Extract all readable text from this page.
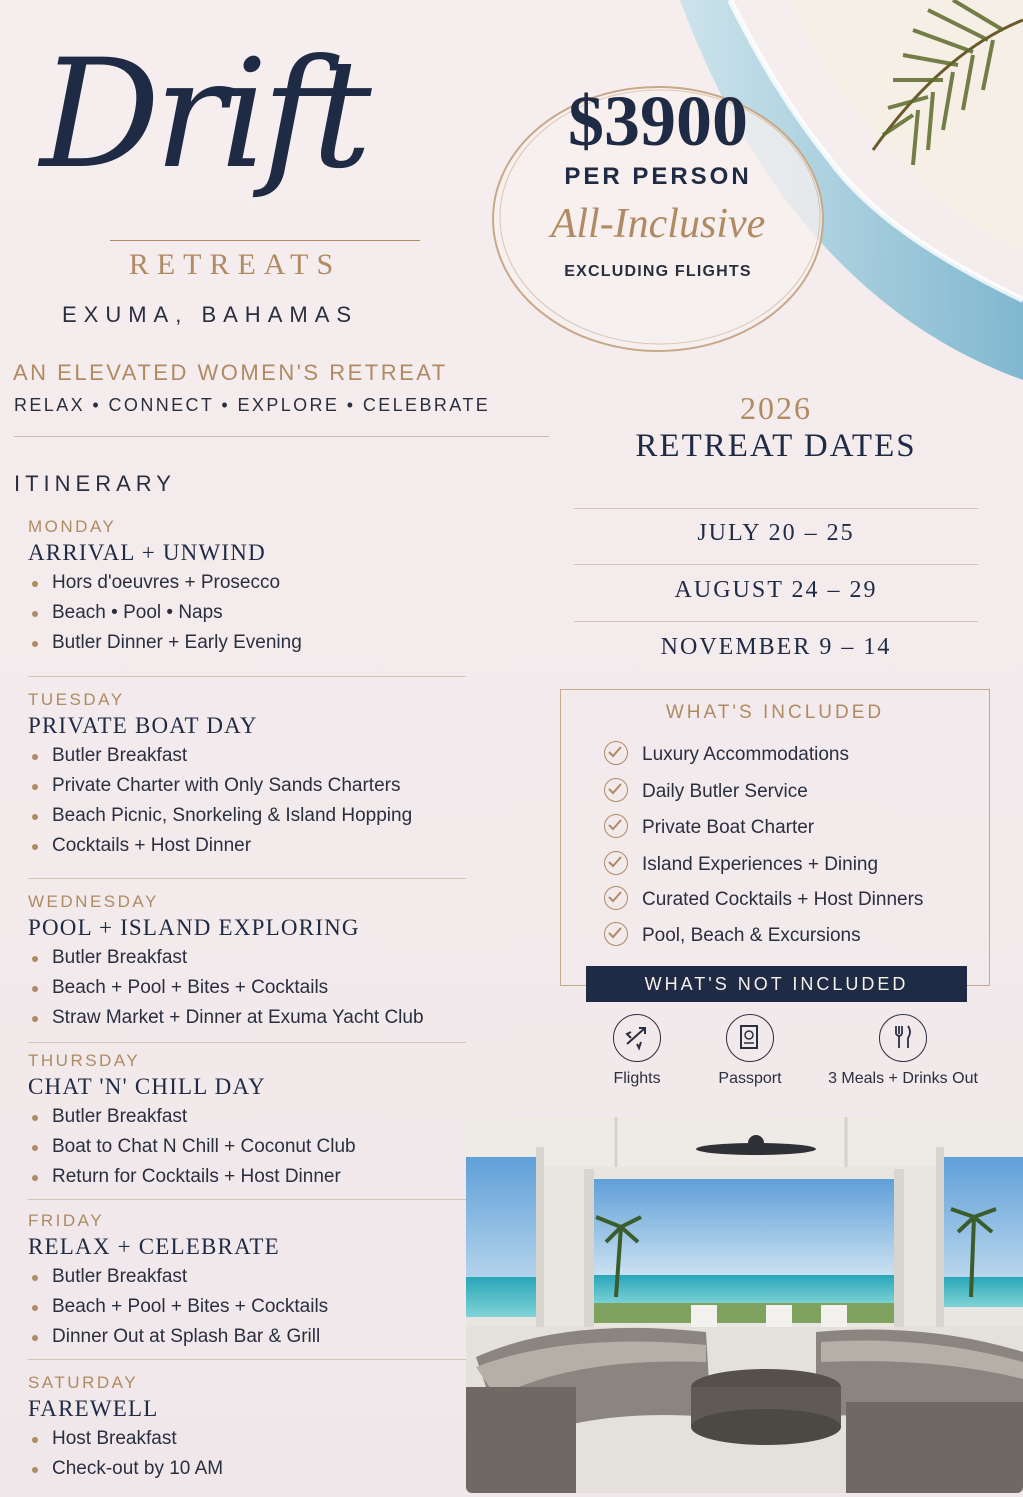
Drift
RETREATS
EXUMA, BAHAMAS
AN ELEVATED WOMEN'S RETREAT
RELAX • CONNECT • EXPLORE • CELEBRATE
$3900
PER PERSON
All-Inclusive
EXCLUDING FLIGHTS
ITINERARY
MONDAY
ARRIVAL + UNWIND
Hors d'oeuvres + Prosecco
Beach • Pool • Naps
Butler Dinner + Early Evening
TUESDAY
PRIVATE BOAT DAY
Butler Breakfast
Private Charter with Only Sands Charters
Beach Picnic, Snorkeling & Island Hopping
Cocktails + Host Dinner
WEDNESDAY
POOL + ISLAND EXPLORING
Butler Breakfast
Beach + Pool + Bites + Cocktails
Straw Market + Dinner at Exuma Yacht Club
THURSDAY
CHAT 'N' CHILL DAY
Butler Breakfast
Boat to Chat N Chill + Coconut Club
Return for Cocktails + Host Dinner
FRIDAY
RELAX + CELEBRATE
Butler Breakfast
Beach + Pool + Bites + Cocktails
Dinner Out at Splash Bar & Grill
SATURDAY
FAREWELL
Host Breakfast
Check-out by 10 AM
2026
RETREAT DATES
JULY 20 – 25
AUGUST 24 – 29
NOVEMBER 9 – 14
WHAT'S INCLUDED
Luxury Accommodations
Daily Butler Service
Private Boat Charter
Island Experiences + Dining
Curated Cocktails + Host Dinners
Pool, Beach & Excursions
WHAT'S NOT INCLUDED
Flights	Passport	3 Meals + Drinks Out
